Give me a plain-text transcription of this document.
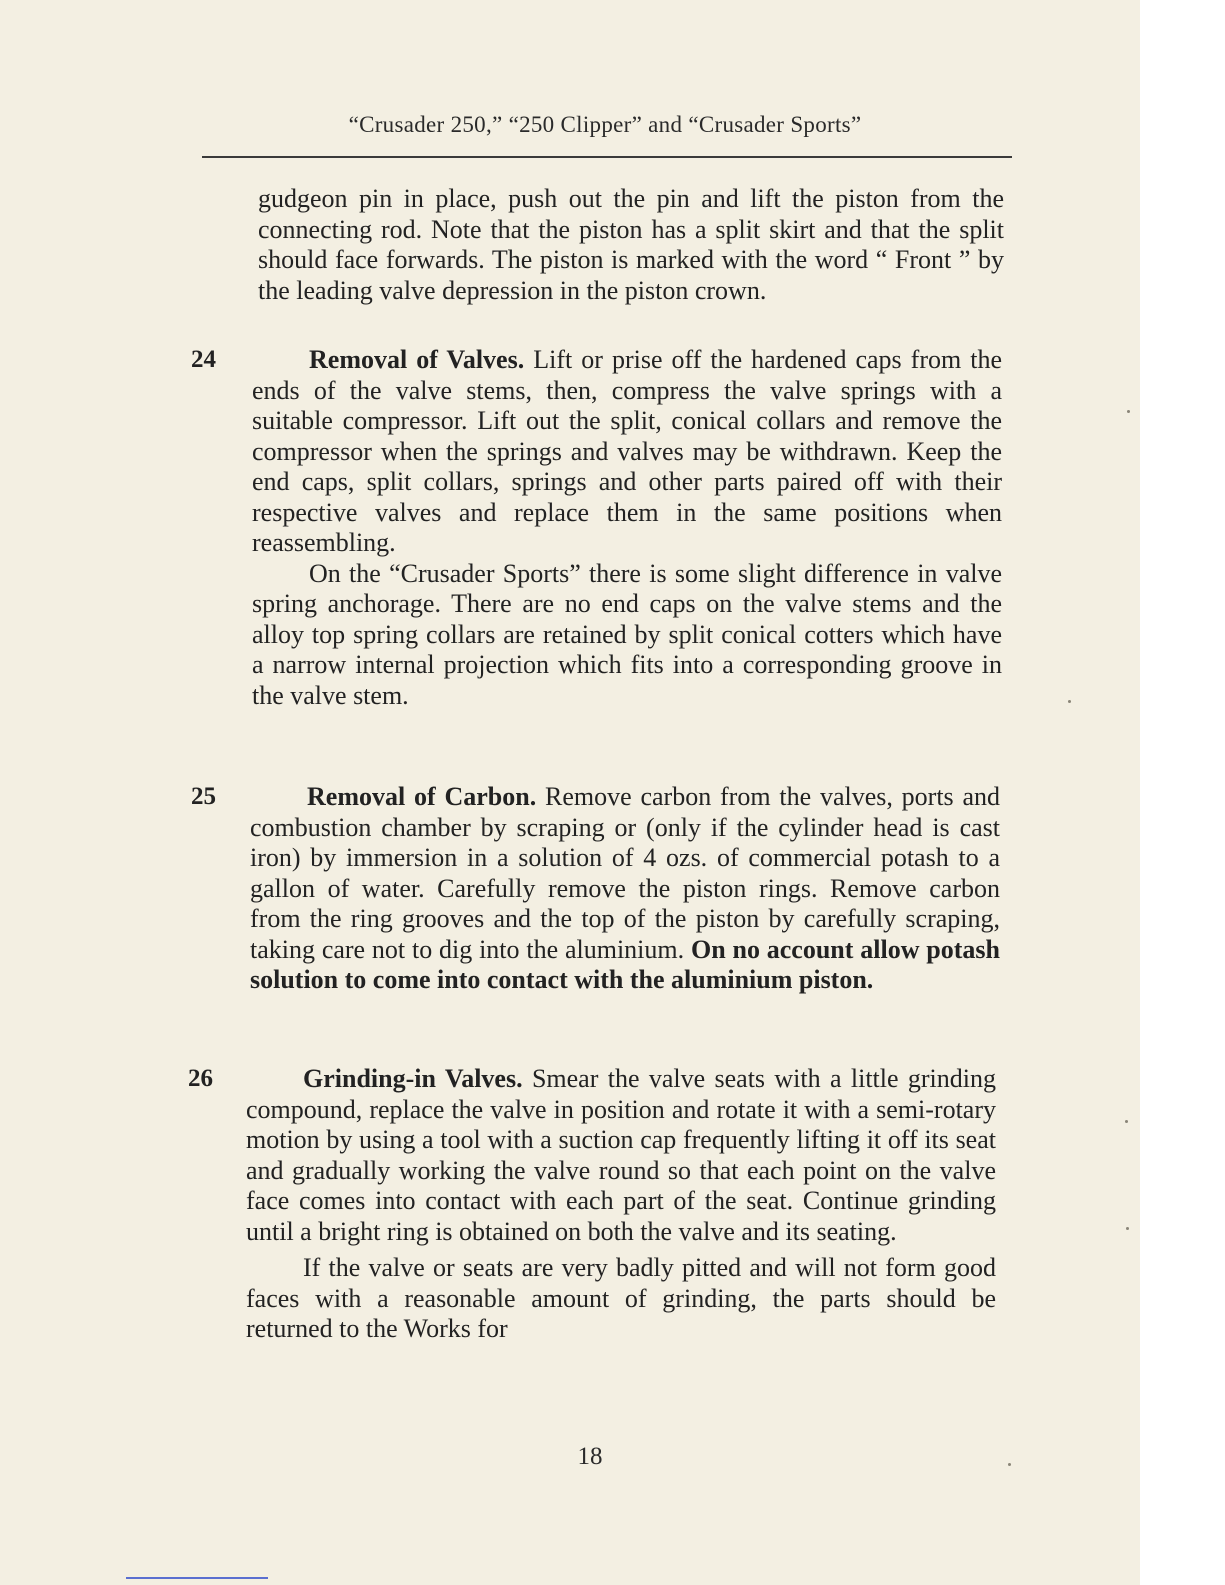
“Crusader 250,” “250 Clipper” and “Crusader Sports”

gudgeon pin in place, push out the pin and lift the piston from the connecting rod. Note that the piston has a split skirt and that the split should face forwards. The piston is marked with the word “ Front ” by the leading valve depression in the piston crown.

24	Removal of Valves. Lift or prise off the hardened caps from the ends of the valve stems, then, compress the valve springs with a suitable compressor. Lift out the split, conical collars and remove the compressor when the springs and valves may be withdrawn. Keep the end caps, split collars, springs and other parts paired off with their respective valves and replace them in the same positions when reassembling.

On the “Crusader Sports” there is some slight difference in valve spring anchorage. There are no end caps on the valve stems and the alloy top spring collars are retained by split conical cotters which have a narrow internal projection which fits into a corresponding groove in the valve stem.

25	Removal of Carbon. Remove carbon from the valves, ports and combustion chamber by scraping or (only if the cylinder head is cast iron) by immersion in a solution of 4 ozs. of commercial potash to a gallon of water. Carefully remove the piston rings. Remove carbon from the ring grooves and the top of the piston by carefully scraping, taking care not to dig into the aluminium. On no account allow potash solution to come into contact with the aluminium piston.

26	Grinding-in Valves. Smear the valve seats with a little grinding compound, replace the valve in position and rotate it with a semi-rotary motion by using a tool with a suction cap frequently lifting it off its seat and gradually working the valve round so that each point on the valve face comes into contact with each part of the seat. Continue grinding until a bright ring is obtained on both the valve and its seating.

If the valve or seats are very badly pitted and will not form good faces with a reasonable amount of grinding, the parts should be returned to the Works for

18
